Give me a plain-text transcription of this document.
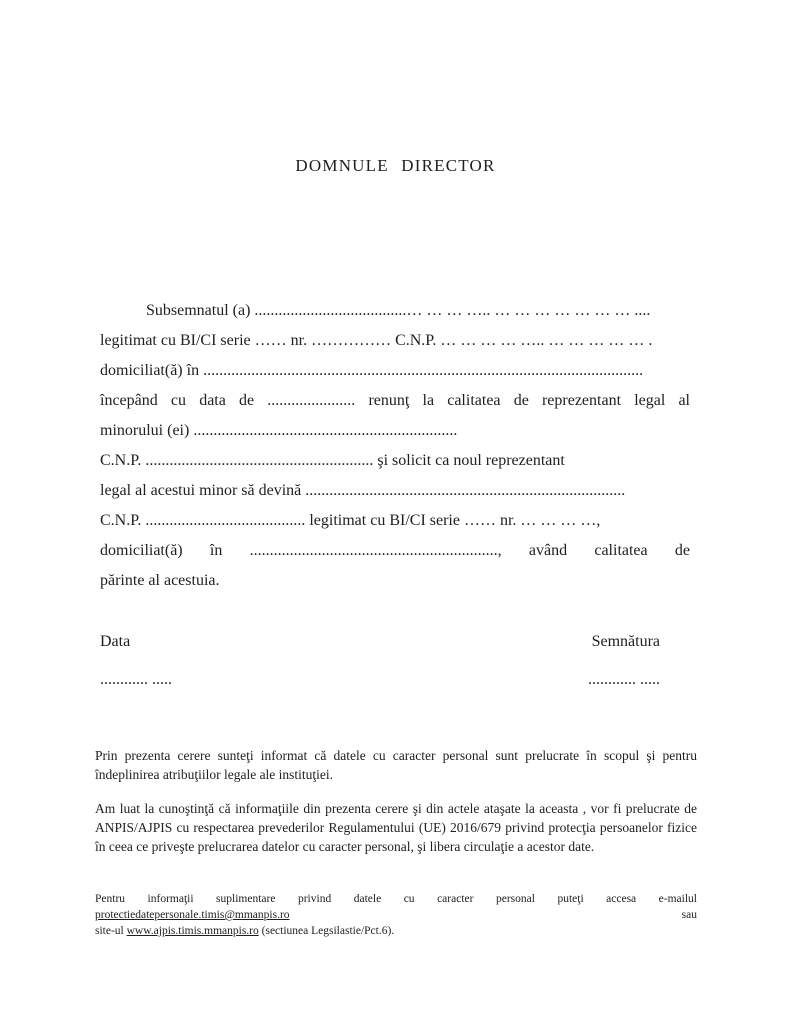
DOMNULE DIRECTOR
Subsemnatul (a) ......................................… … … ….. … … … … … … … ....
legitimat cu BI/CI serie …… nr. …………… C.N.P. … … … … ….. … … … … … .
domiciliat(ă) în ..............................................................................................................
începând cu data de ...................... renunţ la calitatea de reprezentant legal al
minorului (ei) ..................................................................
C.N.P. ......................................................... şi solicit ca noul reprezentant
legal al acestui minor să devină ................................................................................
C.N.P. ........................................ legitimat cu BI/CI serie …… nr. … … … …,
domiciliat(ă) în .............................................................., având calitatea de
părinte al acestuia.
Data	Semnătura
............ .....	............ .....
Prin prezenta cerere sunteţi informat că datele cu caracter personal sunt prelucrate în scopul şi pentru
îndeplinirea atribuţiilor legale ale instituţiei.
Am luat la cunoştinţă că informaţiile din prezenta cerere şi din actele ataşate la aceasta , vor fi prelucrate de
ANPIS/AJPIS cu respectarea prevederilor Regulamentului (UE) 2016/679 privind protecţia persoanelor fizice
în ceea ce priveşte prelucrarea datelor cu caracter personal, şi libera circulaţie a acestor date.
Pentru informaţii suplimentare privind datele cu caracter personal puteţi accesa e-mailul protectiedatepersonale.timis@mmanpis.ro sau
site-ul www.ajpis.timis.mmanpis.ro (sectiunea Legsilastie/Pct.6).
